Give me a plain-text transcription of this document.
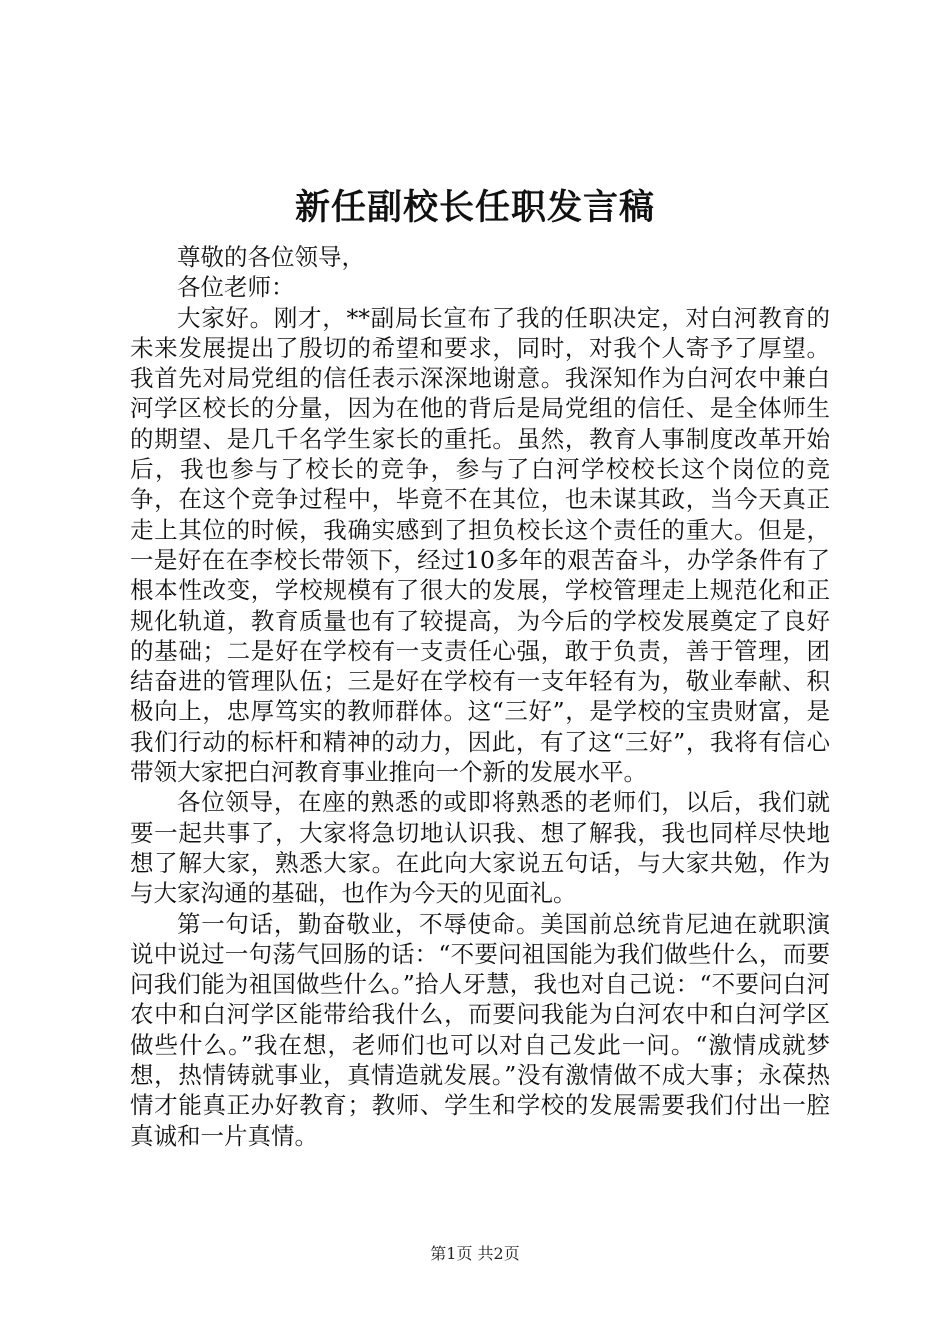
新任副校长任职发言稿

尊敬的各位领导，

各位老师：

大家好。刚才，**副局长宣布了我的任职决定，对白河教育的未来发展提出了殷切的希望和要求，同时，对我个人寄予了厚望。我首先对局党组的信任表示深深地谢意。我深知作为白河农中兼白河学区校长的分量，因为在他的背后是局党组的信任、是全体师生的期望、是几千名学生家长的重托。虽然，教育人事制度改革开始后，我也参与了校长的竞争，参与了白河学校校长这个岗位的竞争，在这个竞争过程中，毕竟不在其位，也未谋其政，当今天真正走上其位的时候，我确实感到了担负校长这个责任的重大。但是，一是好在在李校长带领下，经过10多年的艰苦奋斗，办学条件有了根本性改变，学校规模有了很大的发展，学校管理走上规范化和正规化轨道，教育质量也有了较提高，为今后的学校发展奠定了良好的基础；二是好在学校有一支责任心强，敢于负责，善于管理，团结奋进的管理队伍；三是好在学校有一支年轻有为，敬业奉献、积极向上，忠厚笃实的教师群体。这“三好”，是学校的宝贵财富，是我们行动的标杆和精神的动力，因此，有了这“三好”，我将有信心带领大家把白河教育事业推向一个新的发展水平。

各位领导，在座的熟悉的或即将熟悉的老师们，以后，我们就要一起共事了，大家将急切地认识我、想了解我，我也同样尽快地想了解大家，熟悉大家。在此向大家说五句话，与大家共勉，作为与大家沟通的基础，也作为今天的见面礼。

第一句话，勤奋敬业，不辱使命。美国前总统肯尼迪在就职演说中说过一句荡气回肠的话：“不要问祖国能为我们做些什么，而要问我们能为祖国做些什么。”拾人牙慧，我也对自己说：“不要问白河农中和白河学区能带给我什么，而要问我能为白河农中和白河学区做些什么。”我在想，老师们也可以对自己发此一问。“激情成就梦想，热情铸就事业，真情造就发展。”没有激情做不成大事；永葆热情才能真正办好教育；教师、学生和学校的发展需要我们付出一腔真诚和一片真情。

第1页 共2页
